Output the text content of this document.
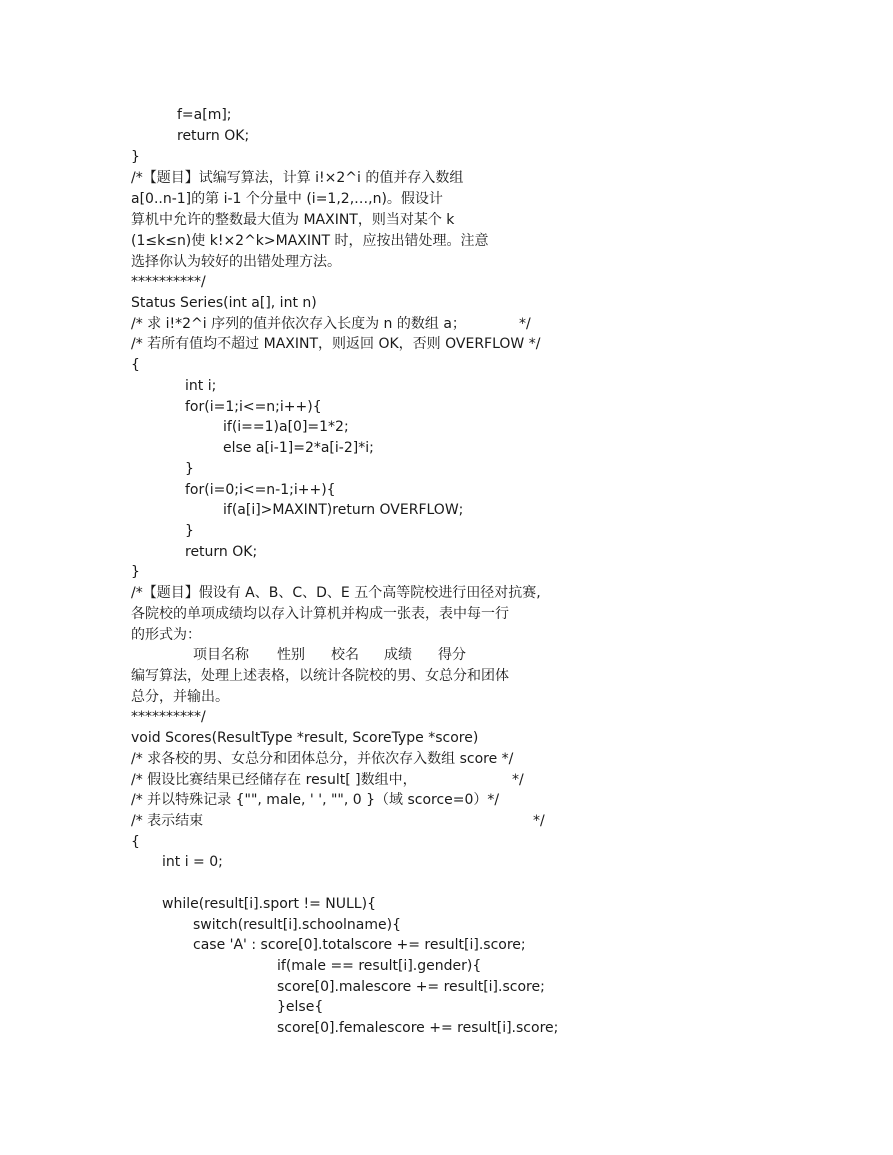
f=a[m];
return OK;
}
/*【题目】试编写算法，计算 i!×2^i 的值并存入数组
a[0..n-1]的第 i-1 个分量中 (i=1,2,…,n)。假设计
算机中允许的整数最大值为 MAXINT，则当对某个 k
(1≤k≤n)使 k!×2^k>MAXINT 时，应按出错处理。注意
选择你认为较好的出错处理方法。
**********/
Status Series(int a[], int n)
/* 求 i!*2^i 序列的值并依次存入长度为 n 的数组 a；	*/
/* 若所有值均不超过 MAXINT，则返回 OK，否则 OVERFLOW */
{
int i;
for(i=1;i<=n;i++){
if(i==1)a[0]=1*2;
else a[i-1]=2*a[i-2]*i;
}
for(i=0;i<=n-1;i++){
if(a[i]>MAXINT)return OVERFLOW;
}
return OK;
}
/*【题目】假设有 A、B、C、D、E 五个高等院校进行田径对抗赛,
各院校的单项成绩均以存入计算机并构成一张表，表中每一行
的形式为：
项目名称 性别 校名 成绩 得分
编写算法，处理上述表格，以统计各院校的男、女总分和团体
总分，并输出。
**********/
void Scores(ResultType *result, ScoreType *score)
/* 求各校的男、女总分和团体总分，并依次存入数组 score */
/* 假设比赛结果已经储存在 result[ ]数组中，	*/
/* 并以特殊记录 {"", male, ' ', "", 0 }（域 scorce=0）*/
/* 表示结束	*/
{
int i = 0;
while(result[i].sport != NULL){
switch(result[i].schoolname){
case 'A' : score[0].totalscore += result[i].score;
if(male == result[i].gender){
score[0].malescore += result[i].score;
}else{
score[0].femalescore += result[i].score;
